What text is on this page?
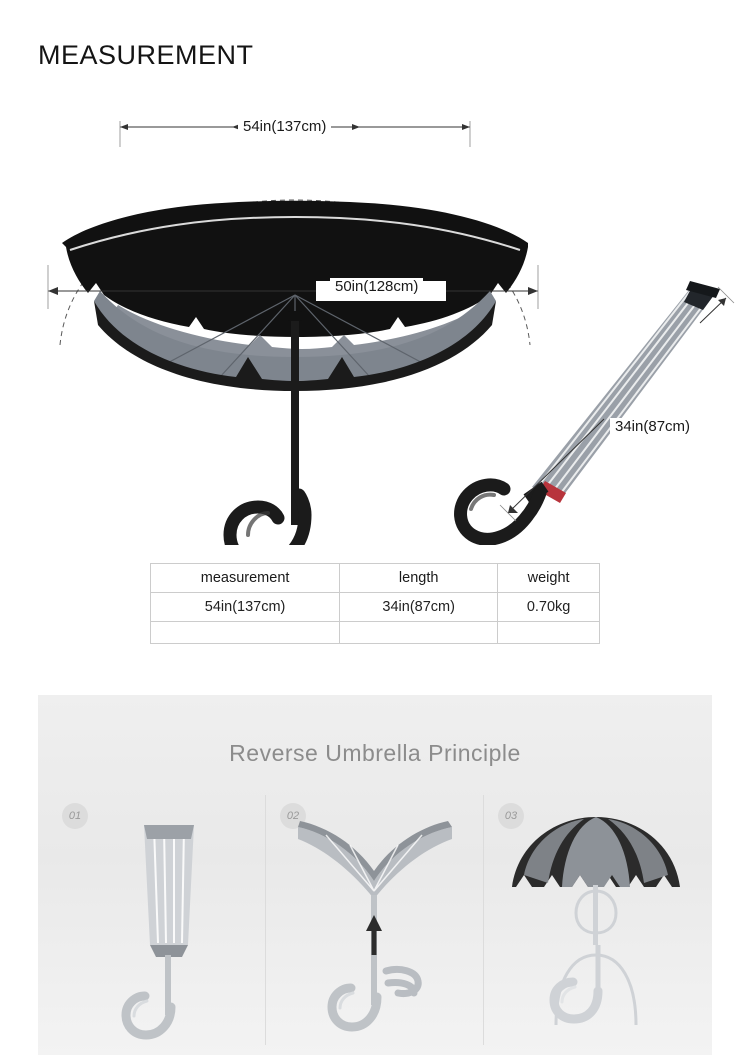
MEASUREMENT
54in(137cm)
50in(128cm)
34in(87cm)
measurement	length	weight
54in(137cm)	34in(87cm)	0.70kg

Reverse Umbrella Principle
01	02	03
